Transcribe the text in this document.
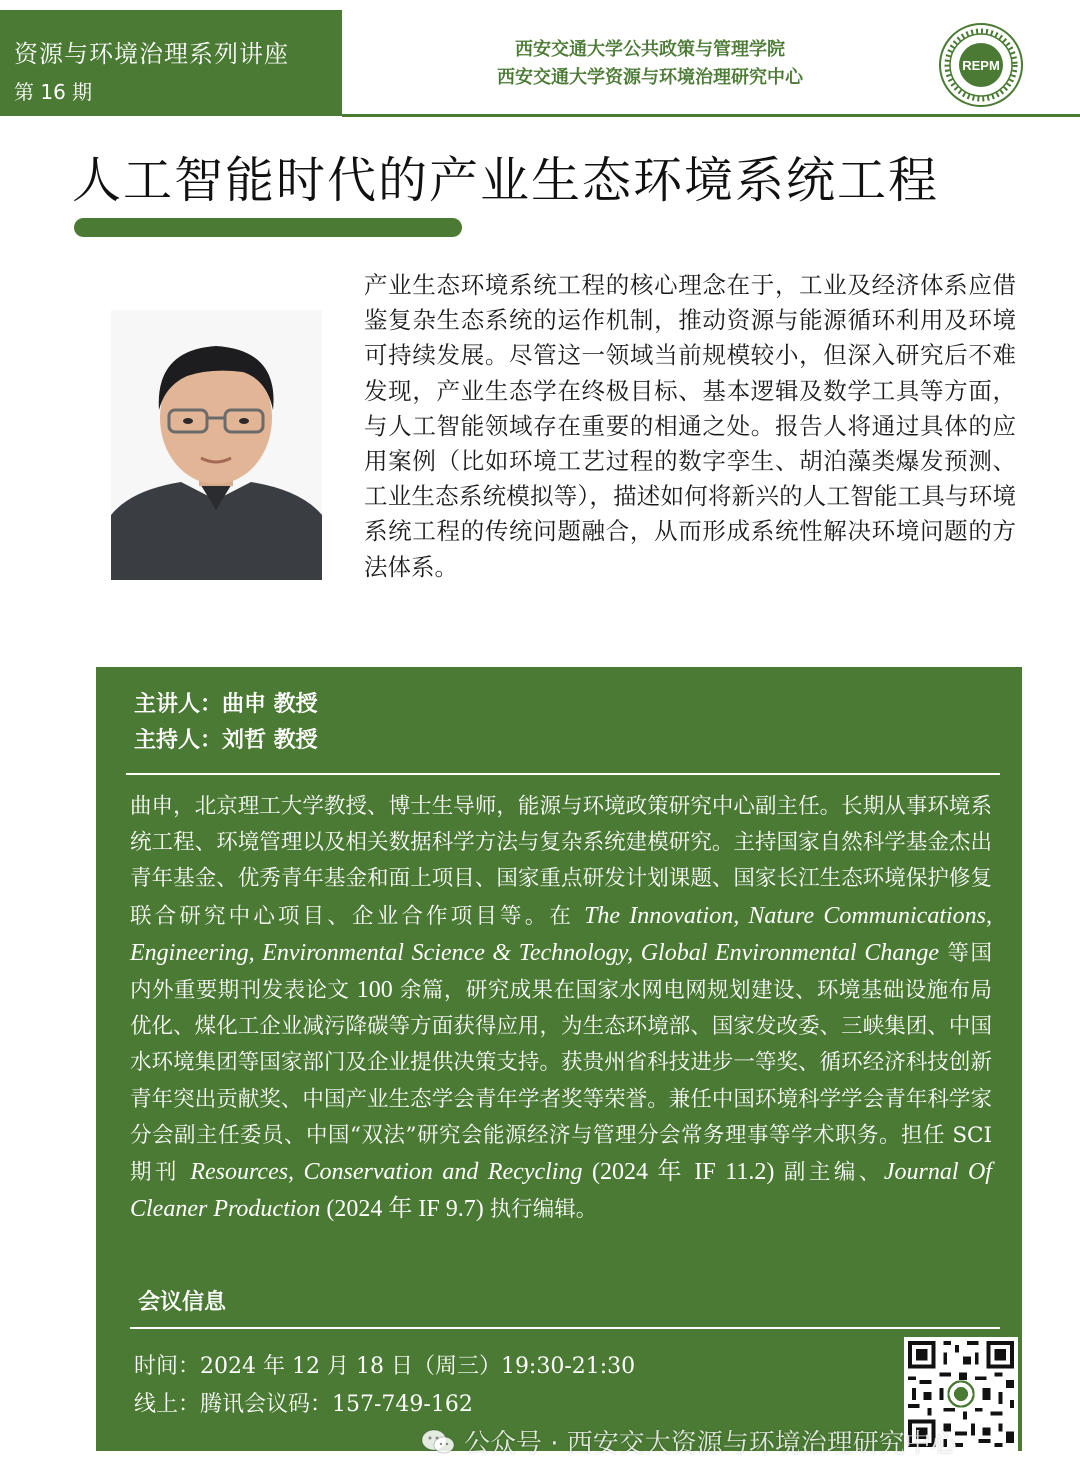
资源与环境治理系列讲座
第 16 期
西安交通大学公共政策与管理学院
西安交通大学资源与环境治理研究中心
REPM
人工智能时代的产业生态环境系统工程
产业生态环境系统工程的核心理念在于，工业及经济体系应借鉴复杂生态系统的运作机制，推动资源与能源循环利用及环境可持续发展。尽管这一领域当前规模较小，但深入研究后不难发现，产业生态学在终极目标、基本逻辑及数学工具等方面，与人工智能领域存在重要的相通之处。报告人将通过具体的应用案例（比如环境工艺过程的数字孪生、胡泊藻类爆发预测、工业生态系统模拟等），描述如何将新兴的人工智能工具与环境系统工程的传统问题融合，从而形成系统性解决环境问题的方法体系。
主讲人：曲申 教授
主持人：刘哲 教授
曲申，北京理工大学教授、博士生导师，能源与环境政策研究中心副主任。长期从事环境系统工程、环境管理以及相关数据科学方法与复杂系统建模研究。主持国家自然科学基金杰出青年基金、优秀青年基金和面上项目、国家重点研发计划课题、国家长江生态环境保护修复联合研究中心项目、企业合作项目等。在 The Innovation, Nature Communications, Engineering, Environmental Science & Technology, Global Environmental Change 等国内外重要期刊发表论文 100 余篇，研究成果在国家水网电网规划建设、环境基础设施布局优化、煤化工企业减污降碳等方面获得应用，为生态环境部、国家发改委、三峡集团、中国水环境集团等国家部门及企业提供决策支持。获贵州省科技进步一等奖、循环经济科技创新青年突出贡献奖、中国产业生态学会青年学者奖等荣誉。兼任中国环境科学学会青年科学家分会副主任委员、中国“双法”研究会能源经济与管理分会常务理事等学术职务。担任 SCI 期刊 Resources, Conservation and Recycling (2024 年 IF 11.2) 副主编、Journal Of Cleaner Production (2024 年 IF 9.7) 执行编辑。
会议信息
时间：2024 年 12 月 18 日（周三）19:30-21:30
线上：腾讯会议码：157-749-162
公众号 · 西安交大资源与环境治理研究中心
